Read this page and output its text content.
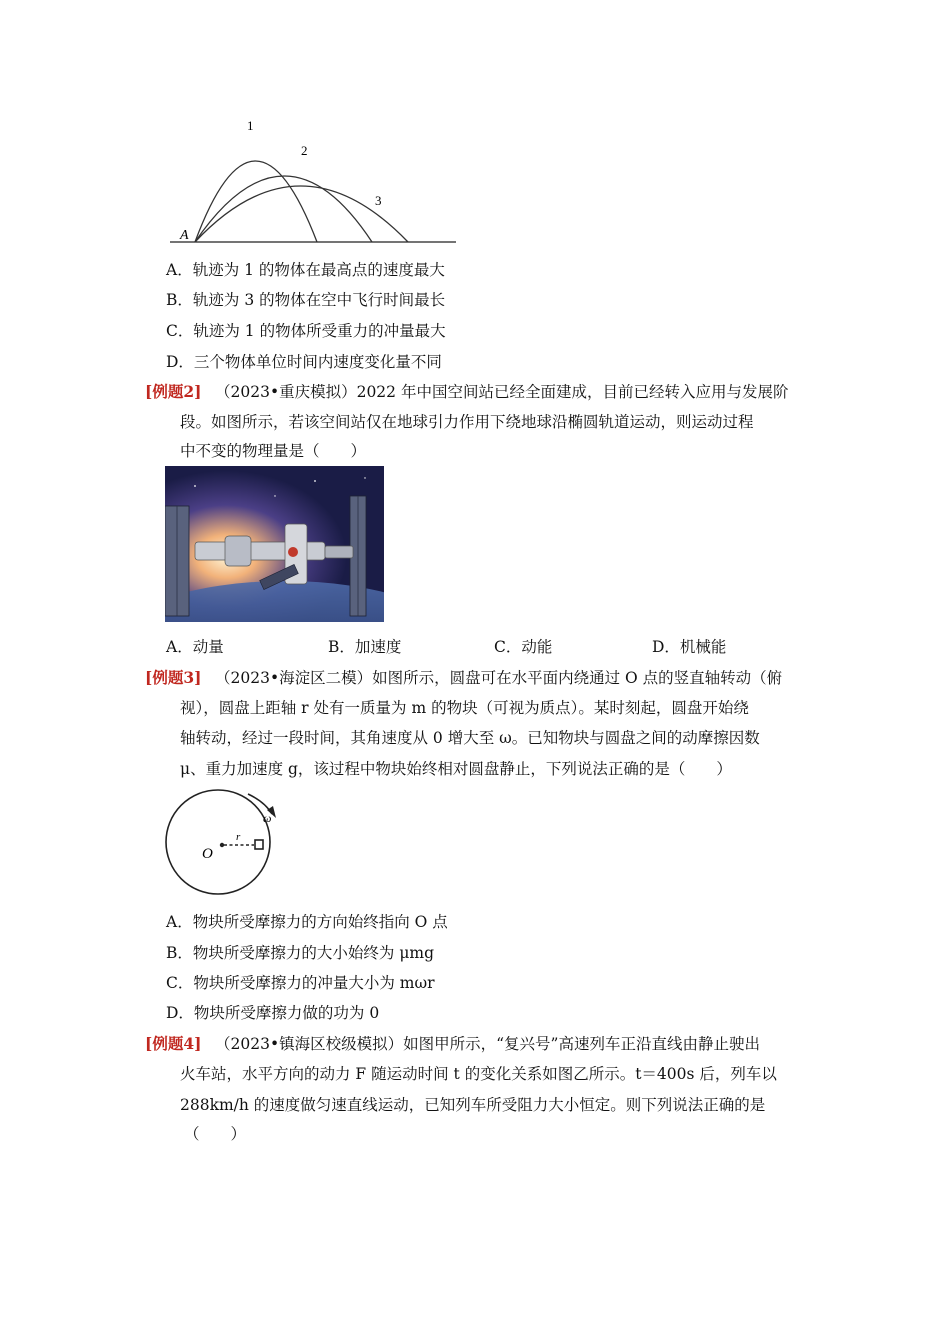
A
1
2
3
A．轨迹为 1 的物体在最高点的速度最大
B．轨迹为 3 的物体在空中飞行时间最长
C．轨迹为 1 的物体所受重力的冲量最大
D．三个物体单位时间内速度变化量不同
[例题2] （2023•重庆模拟）2022 年中国空间站已经全面建成，目前已经转入应用与发展阶
段。如图所示，若该空间站仅在地球引力作用下绕地球沿椭圆轨道运动，则运动过程
中不变的物理量是（　　）
A．动量	B．加速度	C．动能	D．机械能
[例题3] （2023•海淀区二模）如图所示，圆盘可在水平面内绕通过 O 点的竖直轴转动（俯
视），圆盘上距轴 r 处有一质量为 m 的物块（可视为质点）。某时刻起，圆盘开始绕
轴转动，经过一段时间，其角速度从 0 增大至 ω。已知物块与圆盘之间的动摩擦因数
μ、重力加速度 g，该过程中物块始终相对圆盘静止，下列说法正确的是（　　）
O
r
ω
A．物块所受摩擦力的方向始终指向 O 点
B．物块所受摩擦力的大小始终为 μmg
C．物块所受摩擦力的冲量大小为 mωr
D．物块所受摩擦力做的功为 0
[例题4] （2023•镇海区校级模拟）如图甲所示，“复兴号”高速列车正沿直线由静止驶出
火车站，水平方向的动力 F 随运动时间 t 的变化关系如图乙所示。t＝400s 后，列车以
288km/h 的速度做匀速直线运动，已知列车所受阻力大小恒定。则下列说法正确的是
（　　）
